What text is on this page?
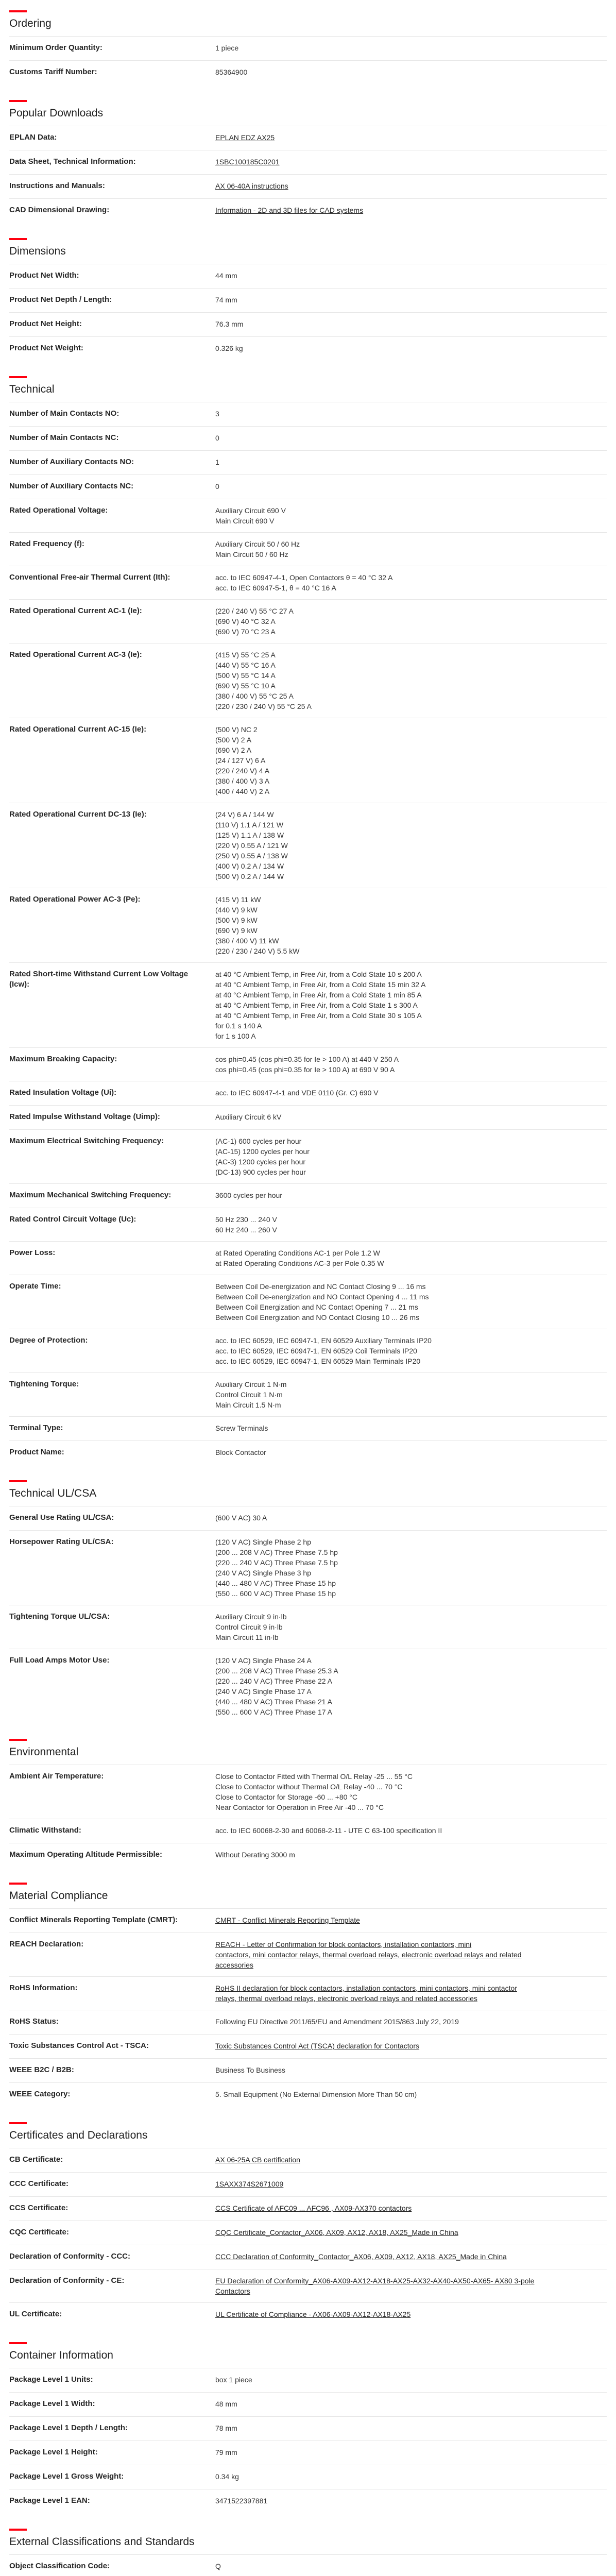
Ordering
Minimum Order Quantity:	1 piece
Customs Tariff Number:	85364900
Popular Downloads
EPLAN Data:	EPLAN EDZ AX25
Data Sheet, Technical Information:	1SBC100185C0201
Instructions and Manuals:	AX 06-40A instructions
CAD Dimensional Drawing:	Information - 2D and 3D files for CAD systems
Dimensions
Product Net Width:	44 mm
Product Net Depth / Length:	74 mm
Product Net Height:	76.3 mm
Product Net Weight:	0.326 kg
Technical
Number of Main Contacts NO:	3
Number of Main Contacts NC:	0
Number of Auxiliary Contacts NO:	1
Number of Auxiliary Contacts NC:	0
Rated Operational Voltage:	Auxiliary Circuit 690 V
Main Circuit 690 V
Rated Frequency (f):	Auxiliary Circuit 50 / 60 Hz
Main Circuit 50 / 60 Hz
Conventional Free-air Thermal Current (Ith):	acc. to IEC 60947-4-1, Open Contactors θ = 40 °C 32 A
acc. to IEC 60947-5-1, θ = 40 °C 16 A
Rated Operational Current AC-1 (Ie):	(220 / 240 V) 55 °C 27 A
(690 V) 40 °C 32 A
(690 V) 70 °C 23 A
Rated Operational Current AC-3 (Ie):	(415 V) 55 °C 25 A
(440 V) 55 °C 16 A
(500 V) 55 °C 14 A
(690 V) 55 °C 10 A
(380 / 400 V) 55 °C 25 A
(220 / 230 / 240 V) 55 °C 25 A
Rated Operational Current AC-15 (Ie):	(500 V) NC 2
(500 V) 2 A
(690 V) 2 A
(24 / 127 V) 6 A
(220 / 240 V) 4 A
(380 / 400 V) 3 A
(400 / 440 V) 2 A
Rated Operational Current DC-13 (Ie):	(24 V) 6 A / 144 W
(110 V) 1.1 A / 121 W
(125 V) 1.1 A / 138 W
(220 V) 0.55 A / 121 W
(250 V) 0.55 A / 138 W
(400 V) 0.2 A / 134 W
(500 V) 0.2 A / 144 W
Rated Operational Power AC-3 (Pe):	(415 V) 11 kW
(440 V) 9 kW
(500 V) 9 kW
(690 V) 9 kW
(380 / 400 V) 11 kW
(220 / 230 / 240 V) 5.5 kW
Rated Short-time Withstand Current Low Voltage (Icw):
at 40 °C Ambient Temp, in Free Air, from a Cold State 10 s 200 A
at 40 °C Ambient Temp, in Free Air, from a Cold State 15 min 32 A
at 40 °C Ambient Temp, in Free Air, from a Cold State 1 min 85 A
at 40 °C Ambient Temp, in Free Air, from a Cold State 1 s 300 A
at 40 °C Ambient Temp, in Free Air, from a Cold State 30 s 105 A
for 0.1 s 140 A
for 1 s 100 A
Maximum Breaking Capacity:	cos phi=0.45 (cos phi=0.35 for Ie > 100 A) at 440 V 250 A
cos phi=0.45 (cos phi=0.35 for Ie > 100 A) at 690 V 90 A
Rated Insulation Voltage (Ui):	acc. to IEC 60947-4-1 and VDE 0110 (Gr. C) 690 V
Rated Impulse Withstand Voltage (Uimp):	Auxiliary Circuit 6 kV
Maximum Electrical Switching Frequency:	(AC-1) 600 cycles per hour
(AC-15) 1200 cycles per hour
(AC-3) 1200 cycles per hour
(DC-13) 900 cycles per hour
Maximum Mechanical Switching Frequency:	3600 cycles per hour
Rated Control Circuit Voltage (Uc):	50 Hz 230 ... 240 V
60 Hz 240 ... 260 V
Power Loss:	at Rated Operating Conditions AC-1 per Pole 1.2 W
at Rated Operating Conditions AC-3 per Pole 0.35 W
Operate Time:	Between Coil De-energization and NC Contact Closing 9 ... 16 ms
Between Coil De-energization and NO Contact Opening 4 ... 11 ms
Between Coil Energization and NC Contact Opening 7 ... 21 ms
Between Coil Energization and NO Contact Closing 10 ... 26 ms
Degree of Protection:	acc. to IEC 60529, IEC 60947-1, EN 60529 Auxiliary Terminals IP20
acc. to IEC 60529, IEC 60947-1, EN 60529 Coil Terminals IP20
acc. to IEC 60529, IEC 60947-1, EN 60529 Main Terminals IP20
Tightening Torque:	Auxiliary Circuit 1 N·m
Control Circuit 1 N·m
Main Circuit 1.5 N·m
Terminal Type:	Screw Terminals
Product Name:	Block Contactor
Technical UL/CSA
General Use Rating UL/CSA:	(600 V AC) 30 A
Horsepower Rating UL/CSA:	(120 V AC) Single Phase 2 hp
(200 ... 208 V AC) Three Phase 7.5 hp
(220 ... 240 V AC) Three Phase 7.5 hp
(240 V AC) Single Phase 3 hp
(440 ... 480 V AC) Three Phase 15 hp
(550 ... 600 V AC) Three Phase 15 hp
Tightening Torque UL/CSA:	Auxiliary Circuit 9 in·lb
Control Circuit 9 in·lb
Main Circuit 11 in·lb
Full Load Amps Motor Use:	(120 V AC) Single Phase 24 A
(200 ... 208 V AC) Three Phase 25.3 A
(220 ... 240 V AC) Three Phase 22 A
(240 V AC) Single Phase 17 A
(440 ... 480 V AC) Three Phase 21 A
(550 ... 600 V AC) Three Phase 17 A
Environmental
Ambient Air Temperature:	Close to Contactor Fitted with Thermal O/L Relay -25 ... 55 °C
Close to Contactor without Thermal O/L Relay -40 ... 70 °C
Close to Contactor for Storage -60 ... +80 °C
Near Contactor for Operation in Free Air -40 ... 70 °C
Climatic Withstand:	acc. to IEC 60068-2-30 and 60068-2-11 - UTE C 63-100 specification II
Maximum Operating Altitude Permissible:	Without Derating 3000 m
Material Compliance
Conflict Minerals Reporting Template (CMRT):	CMRT - Conflict Minerals Reporting Template
REACH Declaration:	REACH - Letter of Confirmation for block contactors, installation contactors, mini
contactors, mini contactor relays, thermal overload relays, electronic overload relays and related
accessories
RoHS Information:	RoHS II declaration for block contactors, installation contactors, mini contactors, mini contactor
relays, thermal overload relays, electronic overload relays and related accessories
RoHS Status:	Following EU Directive 2011/65/EU and Amendment 2015/863 July 22, 2019
Toxic Substances Control Act - TSCA:	Toxic Substances Control Act (TSCA) declaration for Contactors
WEEE B2C / B2B:	Business To Business
WEEE Category:	5. Small Equipment (No External Dimension More Than 50 cm)
Certificates and Declarations
CB Certificate:	AX 06-25A CB certification
CCC Certificate:	1SAXX374S2671009
CCS Certificate:	CCS Certificate of AFC09 ... AFC96 , AX09-AX370 contactors
CQC Certificate:	CQC Certificate_Contactor_AX06, AX09, AX12, AX18, AX25_Made in China
Declaration of Conformity - CCC:	CCC Declaration of Conformity_Contactor_AX06, AX09, AX12, AX18, AX25_Made in China
Declaration of Conformity - CE:	EU Declaration of Conformity_AX06-AX09-AX12-AX18-AX25-AX32-AX40-AX50-AX65- AX80 3-pole
Contactors
UL Certificate:	UL Certificate of Compliance - AX06-AX09-AX12-AX18-AX25
Container Information
Package Level 1 Units:	box 1 piece
Package Level 1 Width:	48 mm
Package Level 1 Depth / Length:	78 mm
Package Level 1 Height:	79 mm
Package Level 1 Gross Weight:	0.34 kg
Package Level 1 EAN:	3471522397881
External Classifications and Standards
Object Classification Code:	Q
